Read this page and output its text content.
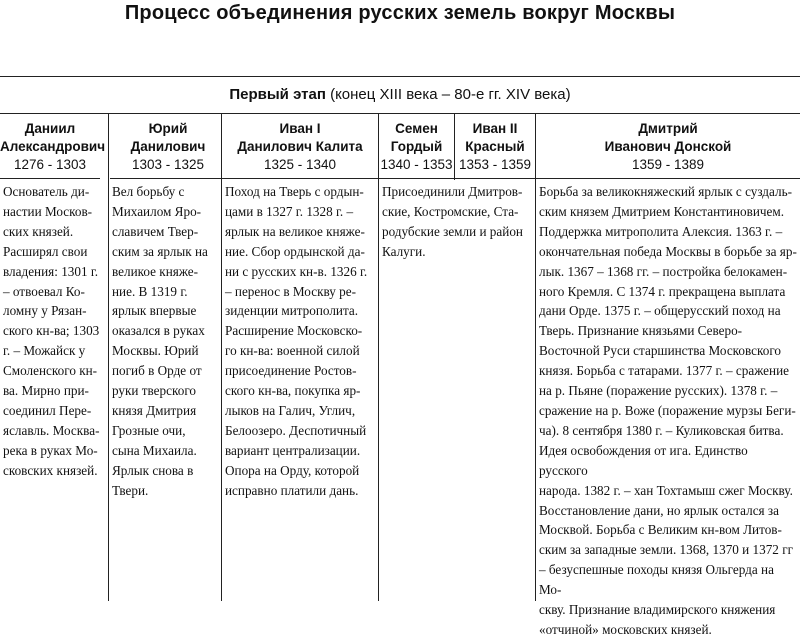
Процесс объединения русских земель вокруг Москвы
Первый этап (конец XIII века – 80-е гг. XIV века)
Даниил
Александрович
1276 - 1303
Юрий
Данилович
1303 - 1325
Иван I
Данилович Калита
1325 - 1340
Семен
Гордый
1340 - 1353
Иван II
Красный
1353 - 1359
Дмитрий
Иванович Донской
1359 - 1389
Основатель ди-
настии Москов-
ских князей.
Расширял свои
владения: 1301 г.
– отвоевал Ко-
ломну у Рязан-
ского кн-ва; 1303
г. – Можайск у
Смоленского кн-
ва. Мирно при-
соединил Пере-
яславль. Москва-
река в руках Мо-
сковских князей.
Вел борьбу с
Михаилом Яро-
славичем Твер-
ским за ярлык на
великое княже-
ние. В 1319 г.
ярлык впервые
оказался в руках
Москвы. Юрий
погиб в Орде от
руки тверского
князя Дмитрия
Грозные очи,
сына Михаила.
Ярлык снова в
Твери.
Поход на Тверь с ордын-
цами в 1327 г. 1328 г. –
ярлык на великое княже-
ние. Сбор ордынской да-
ни с русских кн-в. 1326 г.
– перенос в Москву ре-
зиденции митрополита.
Расширение Московско-
го кн-ва: военной силой
присоединение Ростов-
ского кн-ва, покупка яр-
лыков на Галич, Углич,
Белоозеро. Деспотичный
вариант централизации.
Опора на Орду, которой
исправно платили дань.
Присоединили Дмитров-
ские, Костромские, Ста-
родубские земли и район
Калуги.
Борьба за великокняжеский ярлык с суздаль-
ским князем Дмитрием Константиновичем.
Поддержка митрополита Алексия. 1363 г. –
окончательная победа Москвы в борьбе за яр-
лык. 1367 – 1368 гг. – постройка белокамен-
ного Кремля. С 1374 г. прекращена выплата
дани Орде. 1375 г. – общерусский поход на
Тверь. Признание князьями Северо-
Восточной Руси старшинства Московского
князя. Борьба с татарами. 1377 г. – сражение
на р. Пьяне (поражение русских). 1378 г. –
сражение на р. Воже (поражение мурзы Беги-
ча). 8 сентября 1380 г. – Куликовская битва.
Идея освобождения от ига. Единство русского
народа. 1382 г. – хан Тохтамыш сжег Москву.
Восстановление дани, но ярлык остался за
Москвой. Борьба с Великим кн-вом Литов-
ским за западные земли. 1368, 1370 и 1372 гг
– безуспешные походы князя Ольгерда на Мо-
скву. Признание владимирского княжения
«отчиной» московских князей.
